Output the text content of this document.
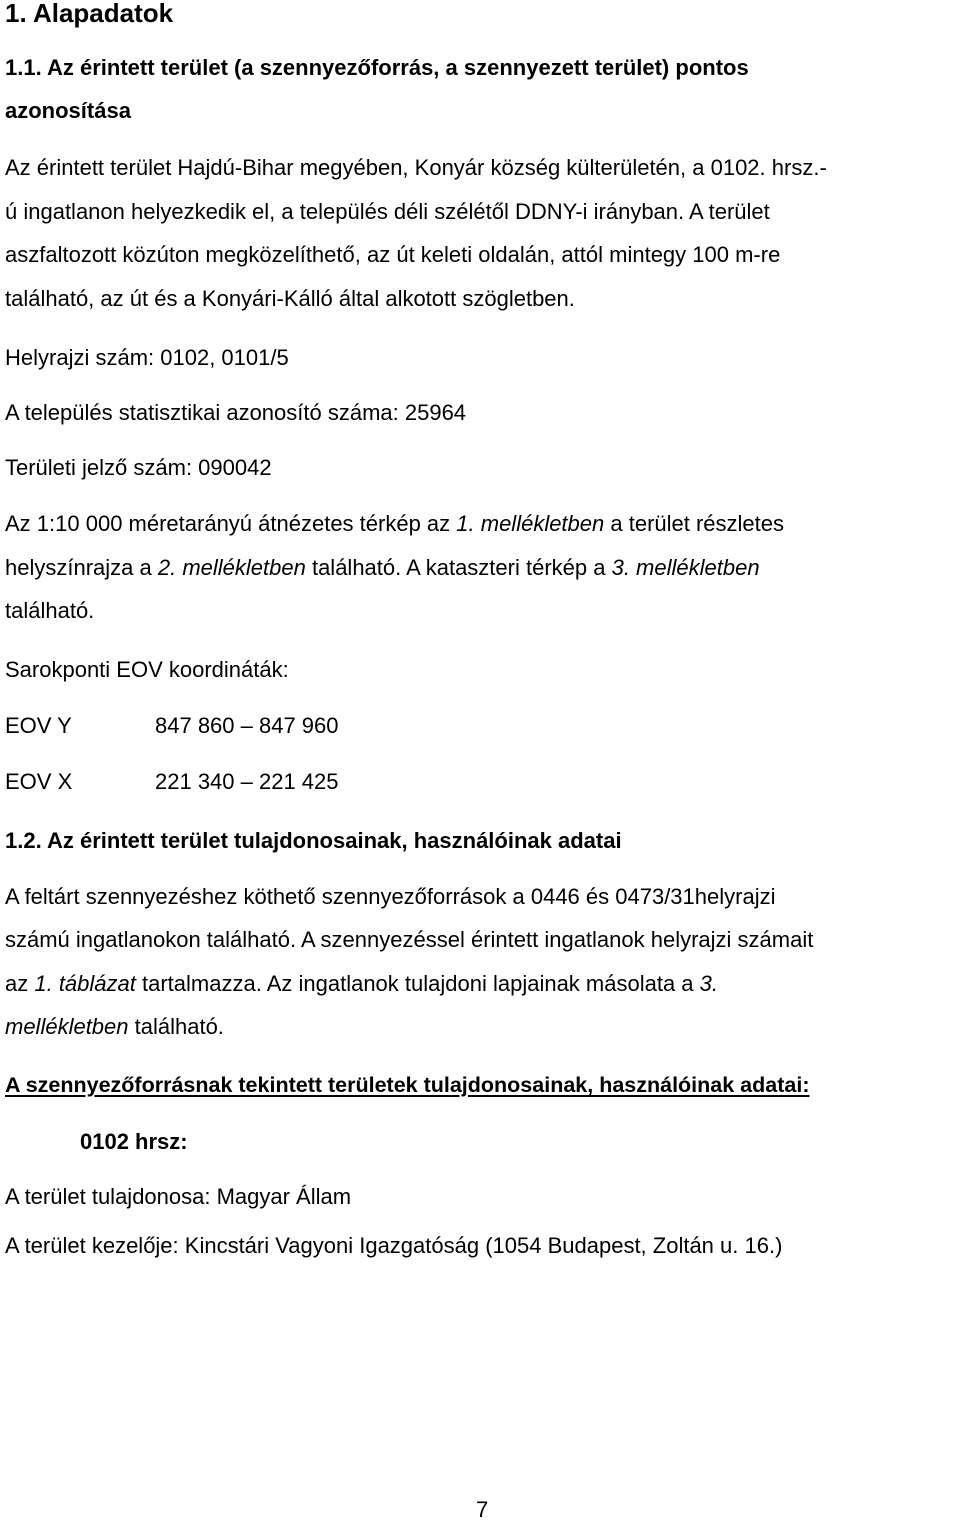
1. Alapadatok
1.1. Az érintett terület (a szennyezőforrás, a szennyezett terület) pontos
azonosítása
Az érintett terület Hajdú-Bihar megyében, Konyár község külterületén, a 0102. hrsz.-
ú ingatlanon helyezkedik el, a település déli szélétől DDNY-i irányban. A terület
aszfaltozott közúton megközelíthető, az út keleti oldalán, attól mintegy 100 m-re
található, az út és a Konyári-Kálló által alkotott szögletben.
Helyrajzi szám: 0102, 0101/5
A település statisztikai azonosító száma: 25964
Területi jelző szám: 090042
Az 1:10 000 méretarányú átnézetes térkép az 1. mellékletben a terület részletes
helyszínrajza a 2. mellékletben található. A kataszteri térkép a 3. mellékletben
található.
Sarokponti EOV koordináták:
EOV Y	847 860 – 847 960
EOV X	221 340 – 221 425
1.2. Az érintett terület tulajdonosainak, használóinak adatai
A feltárt szennyezéshez köthető szennyezőforrások a 0446 és 0473/31helyrajzi
számú ingatlanokon található. A szennyezéssel érintett ingatlanok helyrajzi számait
az 1. táblázat tartalmazza. Az ingatlanok tulajdoni lapjainak másolata a 3.
mellékletben található.
A szennyezőforrásnak tekintett területek tulajdonosainak, használóinak adatai:
0102 hrsz:
A terület tulajdonosa: Magyar Állam
A terület kezelője: Kincstári Vagyoni Igazgatóság (1054 Budapest, Zoltán u. 16.)
7
